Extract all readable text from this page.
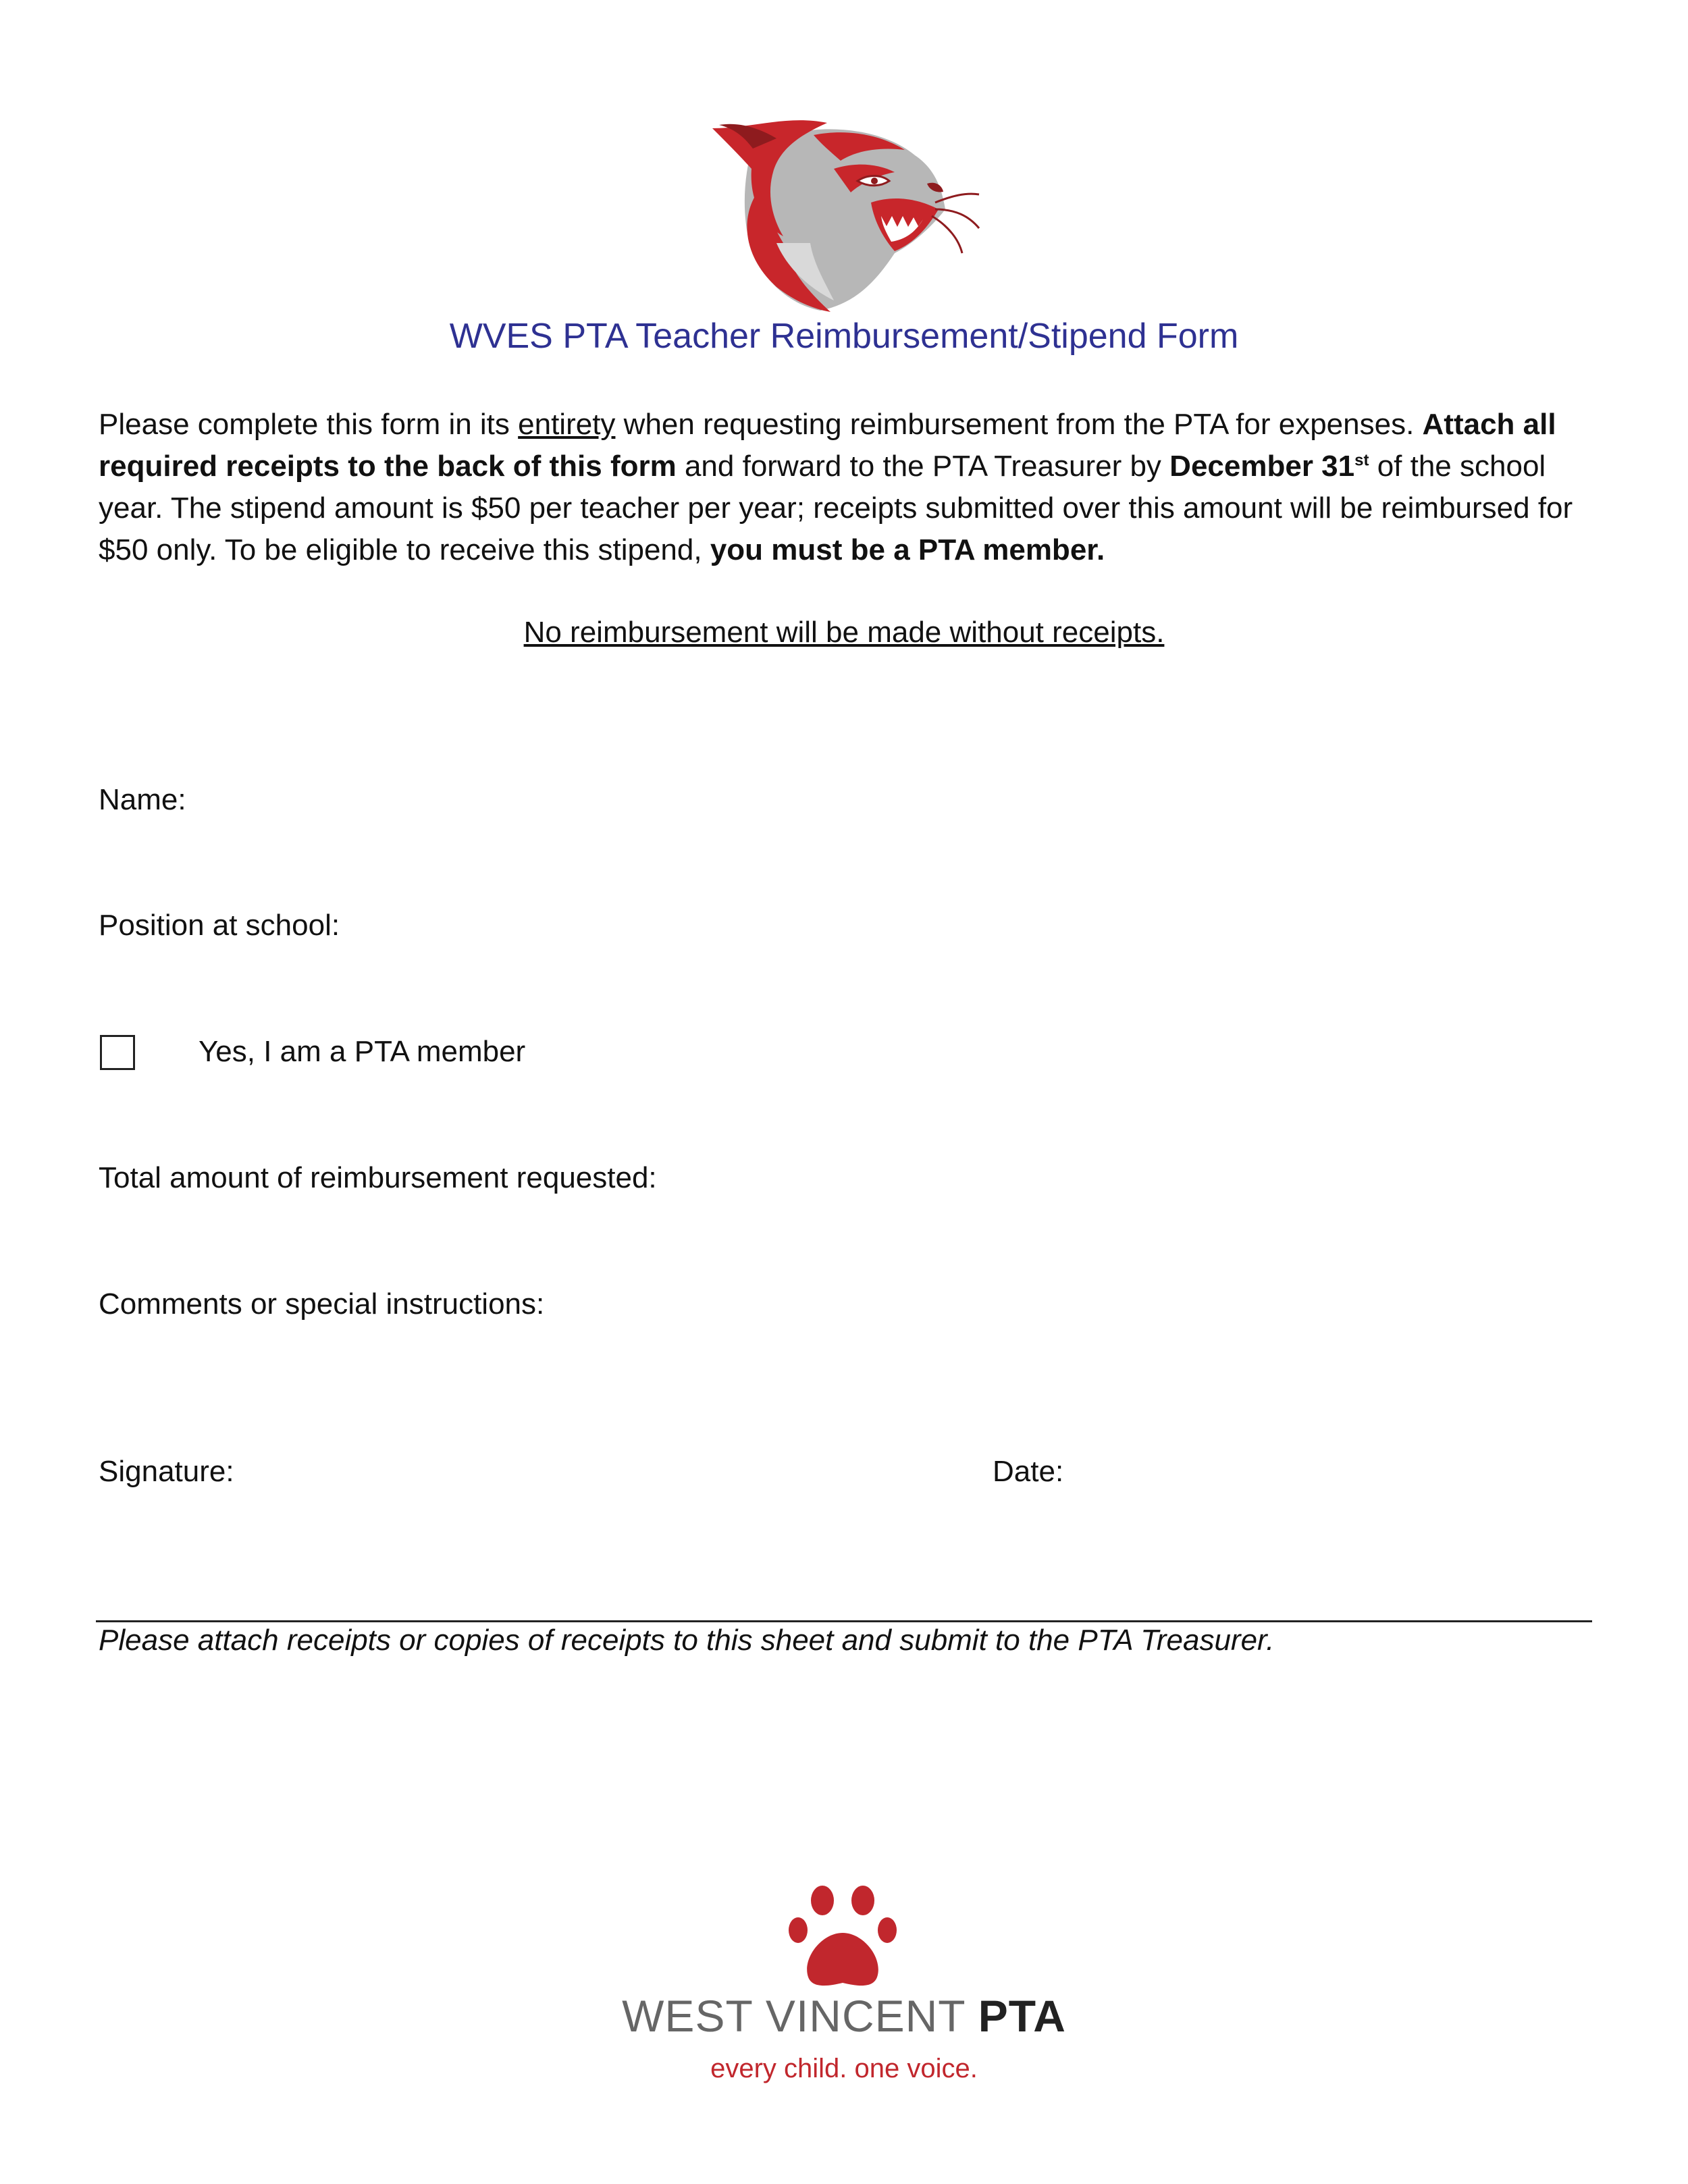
WVES PTA Teacher Reimbursement/Stipend Form
Please complete this form in its entirety when requesting reimbursement from the PTA for expenses. Attach all required receipts to the back of this form and forward to the PTA Treasurer by December 31st of the school year. The stipend amount is $50 per teacher per year; receipts submitted over this amount will be reimbursed for $50 only. To be eligible to receive this stipend, you must be a PTA member.
No reimbursement will be made without receipts.
Name:
Position at school:
Yes, I am a PTA member
Total amount of reimbursement requested:
Comments or special instructions:
Signature:	Date:
Please attach receipts or copies of receipts to this sheet and submit to the PTA Treasurer.
WEST VINCENT PTA
every child. one voice.
